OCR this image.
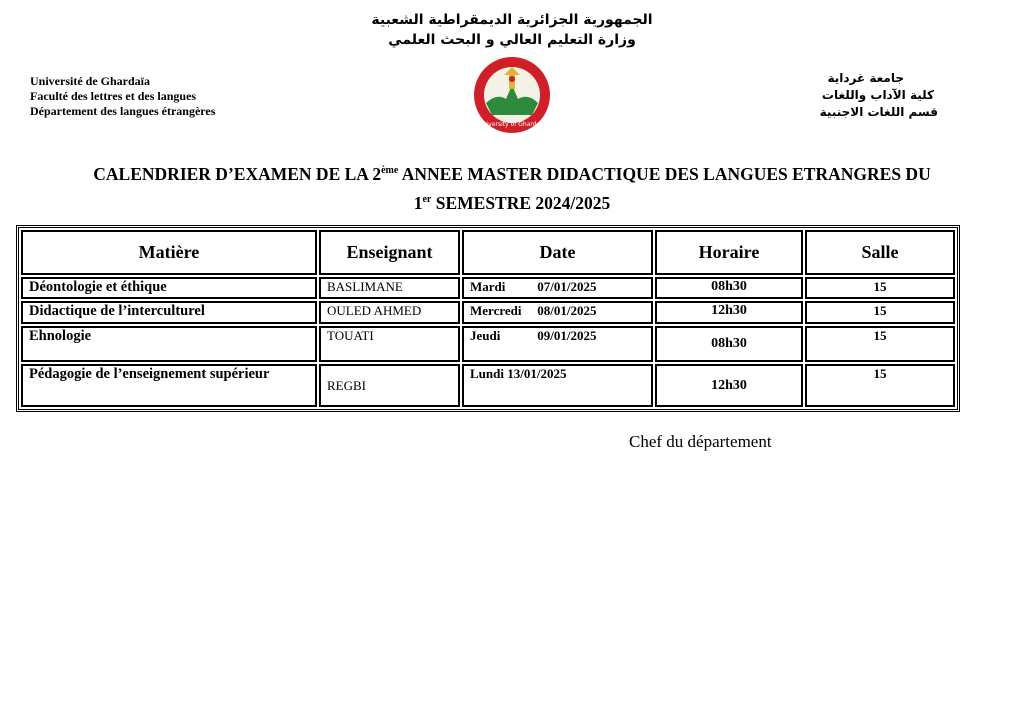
الجمهورية الجزائرية الديمقراطية الشعبية
وزارة التعليم العالي و البحث العلمي
Université de Ghardaïa
Faculté des lettres et des langues
Département des langues étrangères
University of Ghardaia
جامعة غرداية
كلية الآداب واللغات
قسم اللغات الاجنبية
CALENDRIER D’EXAMEN DE LA 2ème ANNEE MASTER DIDACTIQUE DES LANGUES ETRANGRES DU
1er SEMESTRE 2024/2025
Matière	Enseignant	Date	Horaire	Salle
Déontologie et éthique	BASLIMANE	Mardi 07/01/2025	08h30	15
Didactique de l’interculturel	OULED AHMED	Mercredi 08/01/2025	12h30	15
Ehnologie	TOUATI	Jeudi 09/01/2025	08h30	15
Pédagogie de l’enseignement supérieur	REGBI	Lundi 13/01/2025	12h30	15
Chef du département
